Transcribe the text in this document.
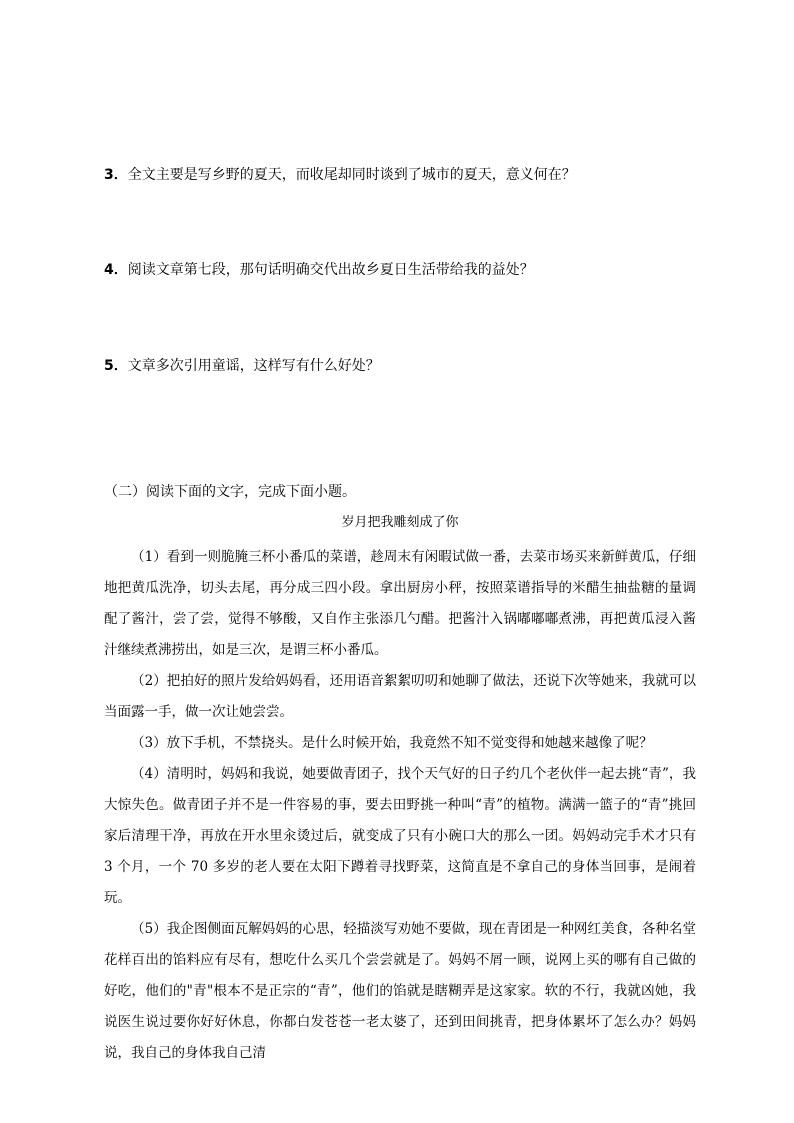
3．全文主要是写乡野的夏天，而收尾却同时谈到了城市的夏天，意义何在？
4．阅读文章第七段，那句话明确交代出故乡夏日生活带给我的益处？
5．文章多次引用童谣，这样写有什么好处？
（二）阅读下面的文字，完成下面小题。
岁月把我雕刻成了你

（1）看到一则脆腌三杯小番瓜的菜谱，趁周末有闲暇试做一番，去菜市场买来新鲜黄瓜，仔细地把黄瓜洗净，切头去尾，再分成三四小段。拿出厨房小秤，按照菜谱指导的米醋生抽盐糖的量调配了酱汁，尝了尝，觉得不够酸，又自作主张添几勺醋。把酱汁入锅嘟嘟嘟煮沸，再把黄瓜浸入酱汁继续煮沸捞出，如是三次，是谓三杯小番瓜。

（2）把拍好的照片发给妈妈看，还用语音絮絮叨叨和她聊了做法，还说下次等她来，我就可以当面露一手，做一次让她尝尝。

（3）放下手机，不禁挠头。是什么时候开始，我竟然不知不觉变得和她越来越像了呢？

（4）清明时，妈妈和我说，她要做青团子，找个天气好的日子约几个老伙伴一起去挑“青”，我大惊失色。做青团子并不是一件容易的事，要去田野挑一种叫“青”的植物。满满一篮子的“青”挑回家后清理干净，再放在开水里汆烫过后，就变成了只有小碗口大的那么一团。妈妈动完手术才只有 3 个月，一个 70 多岁的老人要在太阳下蹲着寻找野菜，这简直是不拿自己的身体当回事，是闹着玩。

（5）我企图侧面瓦解妈妈的心思，轻描淡写劝她不要做，现在青团是一种网红美食，各种名堂花样百出的馅料应有尽有，想吃什么买几个尝尝就是了。妈妈不屑一顾，说网上买的哪有自己做的好吃，他们的"青"根本不是正宗的“青”，他们的馅就是瞎糊弄是这家家。软的不行，我就凶她，我说医生说过要你好好休息，你都白发苍苍一老太婆了，还到田间挑青，把身体累坏了怎么办？妈妈说，我自己的身体我自己清
